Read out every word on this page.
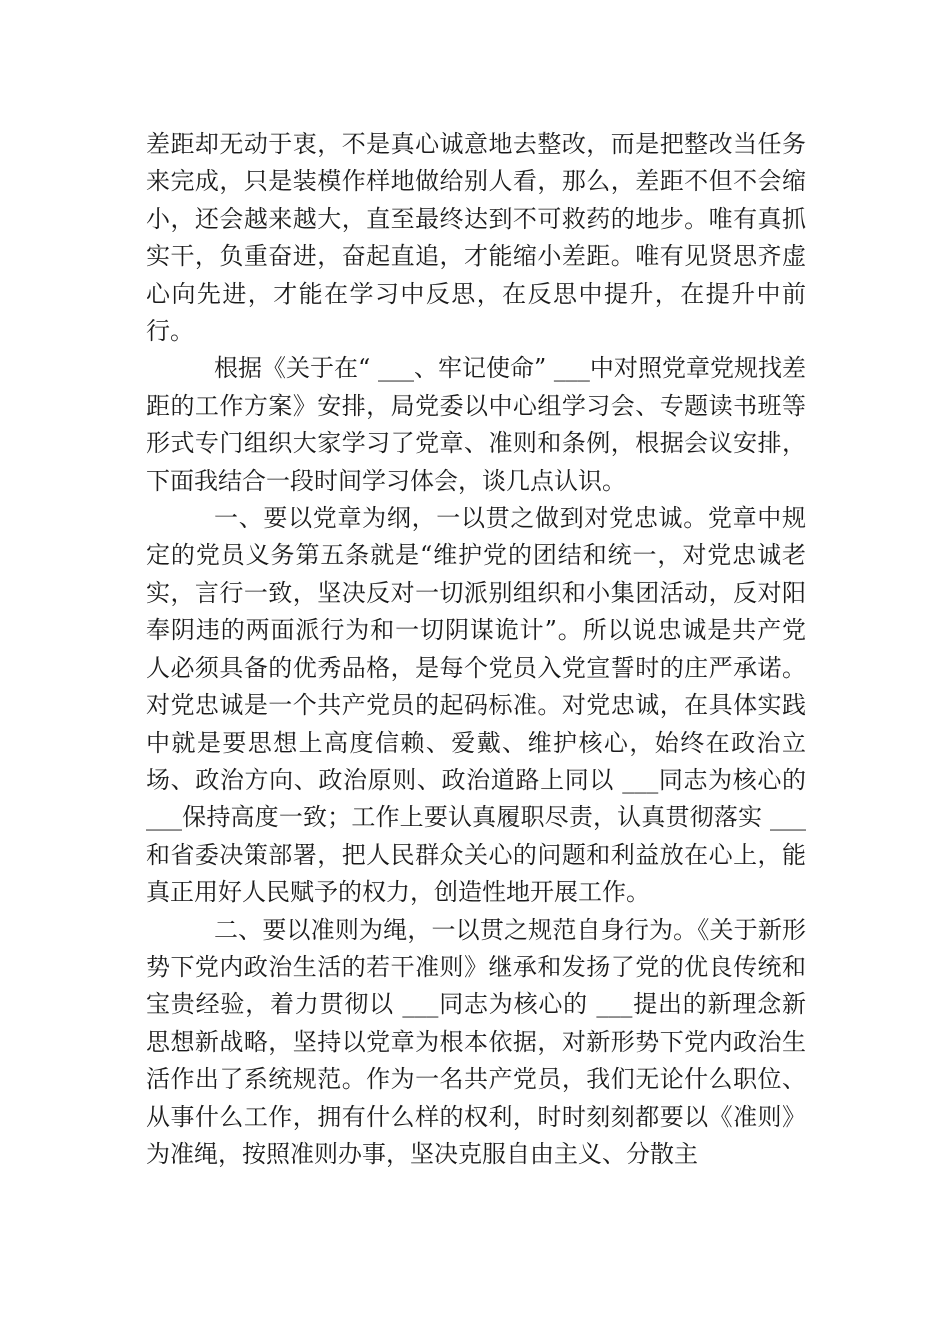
差距却无动于衷，不是真心诚意地去整改，而是把整改当任务来完成，只是装模作样地做给别人看，那么，差距不但不会缩小，还会越来越大，直至最终达到不可救药的地步。唯有真抓实干，负重奋进，奋起直追，才能缩小差距。唯有见贤思齐虚心向先进，才能在学习中反思，在反思中提升，在提升中前行。

根据《关于在“ ___、牢记使命” ___中对照党章党规找差距的工作方案》安排，局党委以中心组学习会、专题读书班等形式专门组织大家学习了党章、准则和条例，根据会议安排，下面我结合一段时间学习体会，谈几点认识。

一、要以党章为纲，一以贯之做到对党忠诚。党章中规定的党员义务第五条就是“维护党的团结和统一，对党忠诚老实，言行一致，坚决反对一切派别组织和小集团活动，反对阳奉阴违的两面派行为和一切阴谋诡计”。所以说忠诚是共产党人必须具备的优秀品格，是每个党员入党宣誓时的庄严承诺。对党忠诚是一个共产党员的起码标准。对党忠诚，在具体实践中就是要思想上高度信赖、爱戴、维护核心，始终在政治立场、政治方向、政治原则、政治道路上同以 ___同志为核心的 ___保持高度一致；工作上要认真履职尽责，认真贯彻落实 ___和省委决策部署，把人民群众关心的问题和利益放在心上，能真正用好人民赋予的权力，创造性地开展工作。

二、要以准则为绳，一以贯之规范自身行为。《关于新形势下党内政治生活的若干准则》继承和发扬了党的优良传统和宝贵经验，着力贯彻以 ___同志为核心的 ___提出的新理念新思想新战略，坚持以党章为根本依据，对新形势下党内政治生活作出了系统规范。作为一名共产党员，我们无论什么职位、从事什么工作，拥有什么样的权利，时时刻刻都要以《准则》为准绳，按照准则办事，坚决克服自由主义、分散主
